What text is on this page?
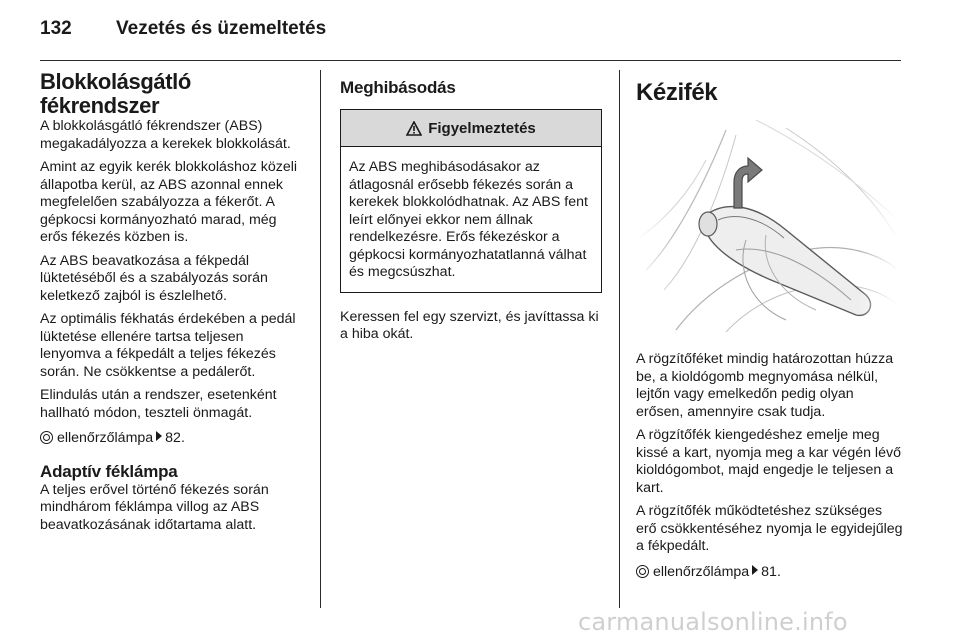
132 Vezetés és üzemeltetés
Blokkolásgátló
fékrendszer

A blokkolásgátló fékrendszer (ABS) megakadályozza a kerekek blokkolását.

Amint az egyik kerék blokkoláshoz közeli állapotba kerül, az ABS azonnal ennek megfelelően szabályozza a fékerőt. A gépkocsi kormányozható marad, még erős fékezés közben is.

Az ABS beavatkozása a fékpedál lüktetéséből és a szabályozás során keletkező zajból is észlelhető.

Az optimális fékhatás érdekében a pedál lüktetése ellenére tartsa teljesen lenyomva a fékpedált a teljes fékezés során. Ne csökkentse a pedálerőt.

Elindulás után a rendszer, esetenként hallható módon, teszteli önmagát.

ellenőrzőlámpa 82.

Adaptív féklámpa

A teljes erővel történő fékezés során mindhárom féklámpa villog az ABS beavatkozásának időtartama alatt.

Meghibásodás
Figyelmeztetés

Az ABS meghibásodásakor az átlagosnál erősebb fékezés során a kerekek blokkolódhatnak. Az ABS fent leírt előnyei ekkor nem állnak rendelkezésre. Erős fékezéskor a gépkocsi kormányozhatatlanná válhat és megcsúszhat.

Keressen fel egy szervizt, és javíttassa ki a hiba okát.

Kézifék

A rögzítőféket mindig határozottan húzza be, a kioldógomb megnyomása nélkül, lejtőn vagy emelkedőn pedig olyan erősen, amennyire csak tudja.

A rögzítőfék kiengedéshez emelje meg kissé a kart, nyomja meg a kar végén lévő kioldógombot, majd engedje le teljesen a kart.

A rögzítőfék működtetéshez szükséges erő csökkentéséhez nyomja le egyidejűleg a fékpedált.

ellenőrzőlámpa 81.

carmanualsonline.info
